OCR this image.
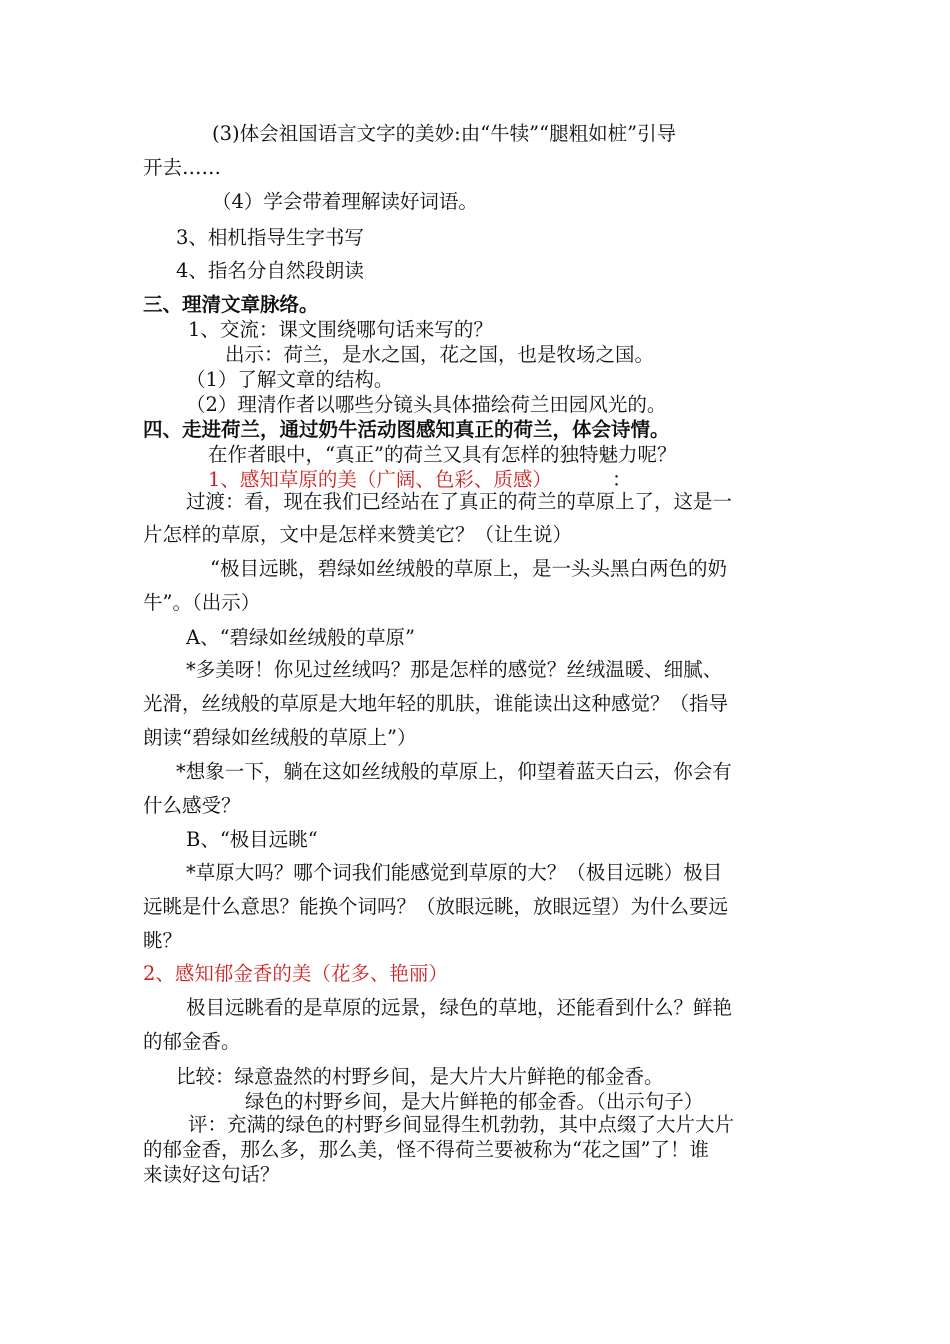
(3)体会祖国语言文字的美妙:由“牛犊”“腿粗如桩”引导
开去……
（4）学会带着理解读好词语。
3、相机指导生字书写
4、指名分自然段朗读
三、理清文章脉络。
1、交流：课文围绕哪句话来写的？
出示：荷兰，是水之国，花之国，也是牧场之国。
（1）了解文章的结构。
（2）理清作者以哪些分镜头具体描绘荷兰田园风光的。
四、走进荷兰，通过奶牛活动图感知真正的荷兰，体会诗情。
在作者眼中，“真正”的荷兰又具有怎样的独特魅力呢？
1、感知草原的美（广阔、色彩、质感）	：
过渡：看，现在我们已经站在了真正的荷兰的草原上了，这是一
片怎样的草原，文中是怎样来赞美它？（让生说）
“极目远眺，碧绿如丝绒般的草原上，是一头头黑白两色的奶
牛”。（出示）
A、“碧绿如丝绒般的草原”
*多美呀！你见过丝绒吗？那是怎样的感觉？丝绒温暖、细腻、
光滑，丝绒般的草原是大地年轻的肌肤，谁能读出这种感觉？（指导
朗读“碧绿如丝绒般的草原上”）
*想象一下，躺在这如丝绒般的草原上，仰望着蓝天白云，你会有
什么感受？
B、“极目远眺“
*草原大吗？哪个词我们能感觉到草原的大？（极目远眺）极目
远眺是什么意思？能换个词吗？（放眼远眺，放眼远望）为什么要远
眺？
2、感知郁金香的美（花多、艳丽）
极目远眺看的是草原的远景，绿色的草地，还能看到什么？鲜艳
的郁金香。
比较：绿意盎然的村野乡间，是大片大片鲜艳的郁金香。
绿色的村野乡间，是大片鲜艳的郁金香。（出示句子）
评：充满的绿色的村野乡间显得生机勃勃，其中点缀了大片大片
的郁金香，那么多，那么美，怪不得荷兰要被称为“花之国”了！谁
来读好这句话？
